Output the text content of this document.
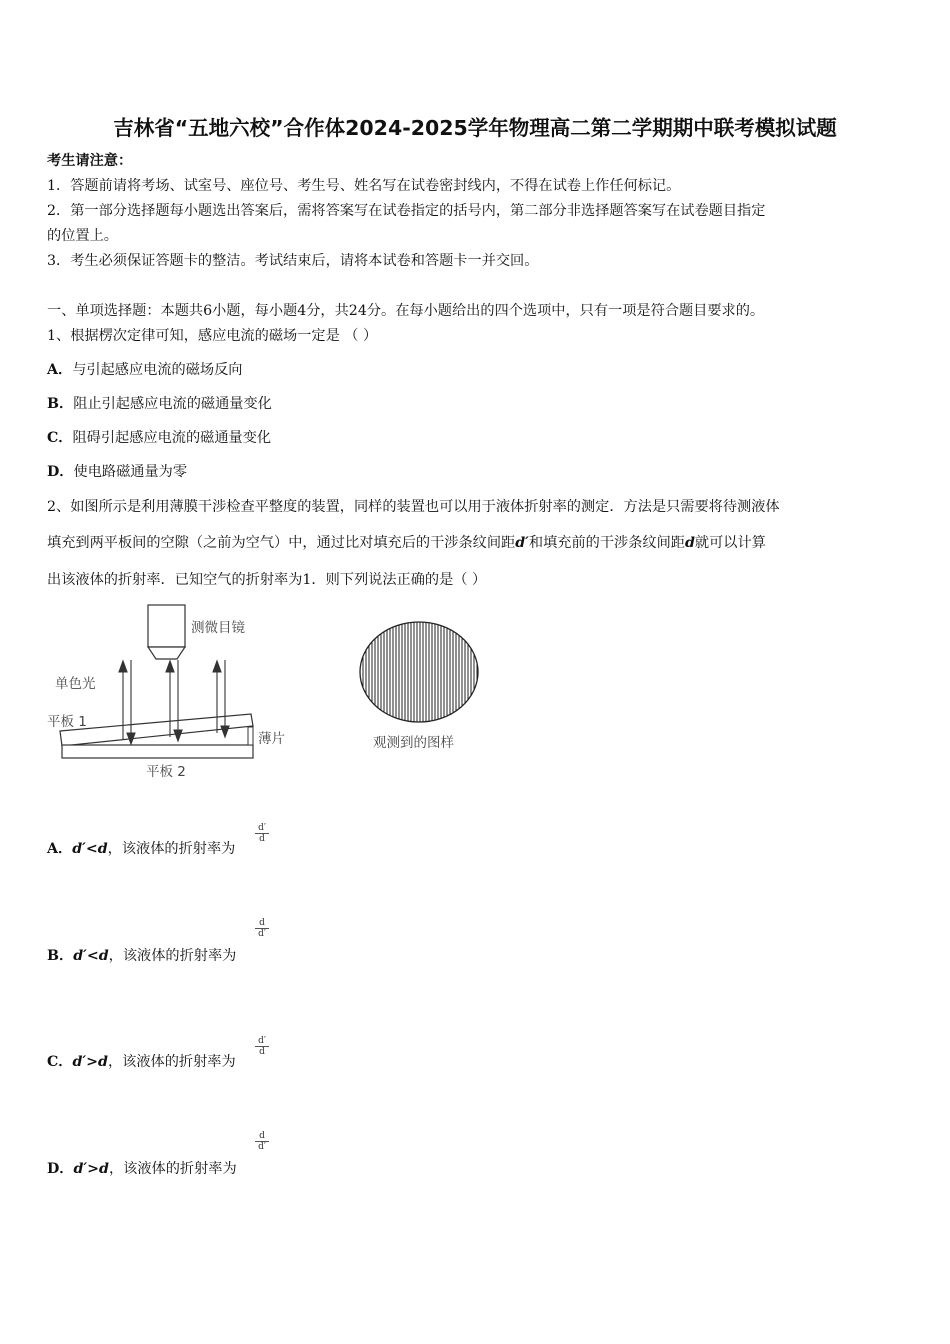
吉林省“五地六校”合作体2024-2025学年物理高二第二学期期中联考模拟试题
考生请注意：
1．答题前请将考场、试室号、座位号、考生号、姓名写在试卷密封线内，不得在试卷上作任何标记。
2．第一部分选择题每小题选出答案后，需将答案写在试卷指定的括号内，第二部分非选择题答案写在试卷题目指定
的位置上。
3．考生必须保证答题卡的整洁。考试结束后，请将本试卷和答题卡一并交回。
一、单项选择题：本题共6小题，每小题4分，共24分。在每小题给出的四个选项中，只有一项是符合题目要求的。
1、根据楞次定律可知，感应电流的磁场一定是 （ ）
A．与引起感应电流的磁场反向
B．阻止引起感应电流的磁通量变化
C．阻碍引起感应电流的磁通量变化
D．使电路磁通量为零
2、如图所示是利用薄膜干涉检查平整度的装置，同样的装置也可以用于液体折射率的测定．方法是只需要将待测液体
填充到两平板间的空隙（之前为空气）中，通过比对填充后的干涉条纹间距d′和填充前的干涉条纹间距d就可以计算
出该液体的折射率．已知空气的折射率为1．则下列说法正确的是（ ）
测微目镜
单色光
平板 1
薄片
平板 2
观测到的图样
A．d′<d，该液体的折射率为
$\frac{d'}{d}$
B．d′<d，该液体的折射率为
$\frac{d}{d'}$
C．d′>d，该液体的折射率为
$\frac{d'}{d}$
D．d′>d，该液体的折射率为
$\frac{d}{d'}$
